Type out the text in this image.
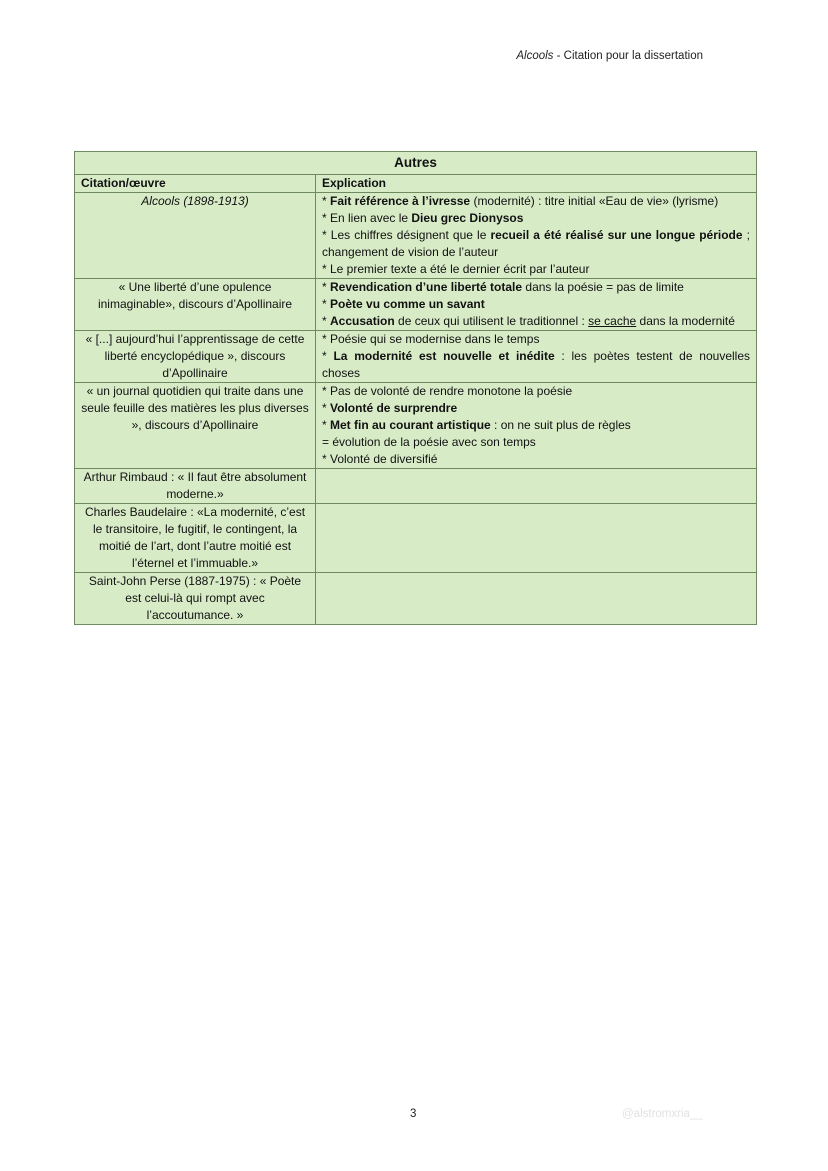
Alcools - Citation pour la dissertation
Autres	
Citation/œuvre	Explication
Alcools (1898-1913)	* Fait référence à l’ivresse (modernité) : titre initial «Eau de vie» (lyrisme)
* En lien avec le Dieu grec Dionysos
* Les chiffres désignent que le recueil a été réalisé sur une longue période ; changement de vision de l’auteur
* Le premier texte a été le dernier écrit par l’auteur

« Une liberté d’une opulence inimaginable», discours d’Apollinaire	* Revendication d’une liberté totale dans la poésie = pas de limite
* Poète vu comme un savant
* Accusation de ceux qui utilisent le traditionnel : se cache dans la modernité

« [...] aujourd’hui l’apprentissage de cette liberté encyclopédique », discours d’Apollinaire	* Poésie qui se modernise dans le temps
* La modernité est nouvelle et inédite : les poètes testent de nouvelles choses

« un journal quotidien qui traite dans une seule feuille des matières les plus diverses », discours d’Apollinaire	* Pas de volonté de rendre monotone la poésie
* Volonté de surprendre
* Met fin au courant artistique : on ne suit plus de règles
= évolution de la poésie avec son temps
* Volonté de diversifié

Arthur Rimbaud : « Il faut être absolument moderne.»	
Charles Baudelaire : «La modernité, c’est le transitoire, le fugitif, le contingent, la moitié de l’art, dont l’autre moitié est l’éternel et l’immuable.»	
Saint-John Perse (1887-1975) : « Poète est celui-là qui rompt avec l’accoutumance. »	
3	@alstromxria__
